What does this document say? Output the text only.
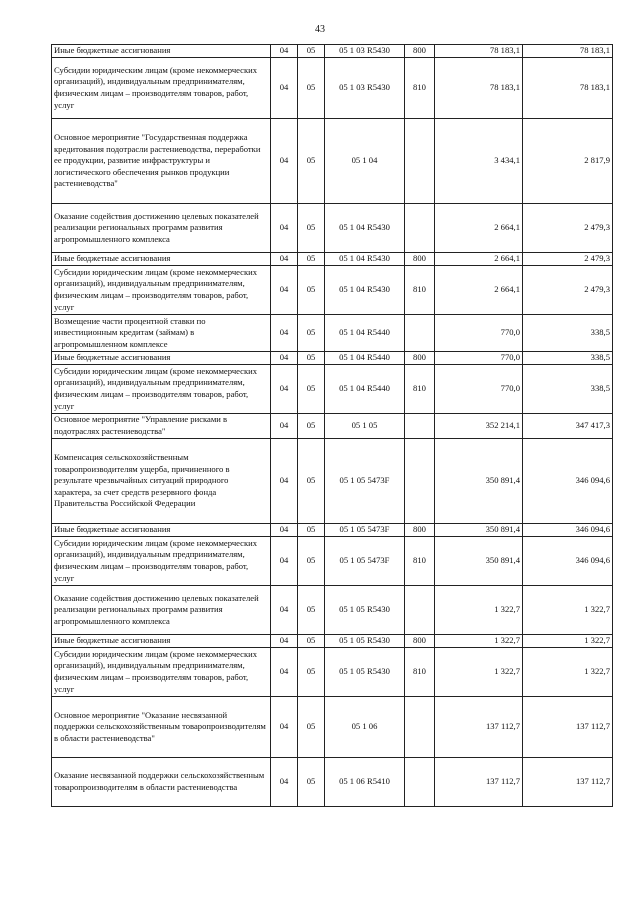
43
Иные бюджетные ассигнования	04	05	05 1 03 R5430	800	78 183,1	78 183,1
Субсидии юридическим лицам (кроме некоммерческих организаций), индивидуальным предпринимателям, физическим лицам – производителям товаров, работ, услуг	04	05	05 1 03 R5430	810	78 183,1	78 183,1
Основное мероприятие "Государственная поддержка кредитования подотрасли растениеводства, переработки ее продукции, развитие инфраструктуры и логистического обеспечения рынков продукции растениеводства"	04	05	05 1 04		3 434,1	2 817,9
Оказание содействия достижению целевых показателей реализации региональных программ развития агропромышленного комплекса	04	05	05 1 04 R5430		2 664,1	2 479,3
Иные бюджетные ассигнования	04	05	05 1 04 R5430	800	2 664,1	2 479,3
Субсидии юридическим лицам (кроме некоммерческих организаций), индивидуальным предпринимателям, физическим лицам – производителям товаров, работ, услуг	04	05	05 1 04 R5430	810	2 664,1	2 479,3
Возмещение части процентной ставки по инвестиционным кредитам (займам) в агропромышленном комплексе	04	05	05 1 04 R5440		770,0	338,5
Иные бюджетные ассигнования	04	05	05 1 04 R5440	800	770,0	338,5
Субсидии юридическим лицам (кроме некоммерческих организаций), индивидуальным предпринимателям, физическим лицам – производителям товаров, работ, услуг	04	05	05 1 04 R5440	810	770,0	338,5
Основное мероприятие "Управление рисками в подотраслях растениеводства"	04	05	05 1 05		352 214,1	347 417,3
Компенсация сельскохозяйственным товаропроизводителям ущерба, причиненного в результате чрезвычайных ситуаций природного характера, за счет средств резервного фонда Правительства Российской Федерации	04	05	05 1 05 5473F		350 891,4	346 094,6
Иные бюджетные ассигнования	04	05	05 1 05 5473F	800	350 891,4	346 094,6
Субсидии юридическим лицам (кроме некоммерческих организаций), индивидуальным предпринимателям, физическим лицам – производителям товаров, работ, услуг	04	05	05 1 05 5473F	810	350 891,4	346 094,6
Оказание содействия достижению целевых показателей реализации региональных программ развития агропромышленного комплекса	04	05	05 1 05 R5430		1 322,7	1 322,7
Иные бюджетные ассигнования	04	05	05 1 05 R5430	800	1 322,7	1 322,7
Субсидии юридическим лицам (кроме некоммерческих организаций), индивидуальным предпринимателям, физическим лицам – производителям товаров, работ, услуг	04	05	05 1 05 R5430	810	1 322,7	1 322,7
Основное мероприятие "Оказание несвязанной поддержки сельскохозяйственным товаропроизводителям в области растениеводства"	04	05	05 1 06		137 112,7	137 112,7
Оказание несвязанной поддержки сельскохозяйственным товаропроизводителям в области растениеводства	04	05	05 1 06 R5410		137 112,7	137 112,7
